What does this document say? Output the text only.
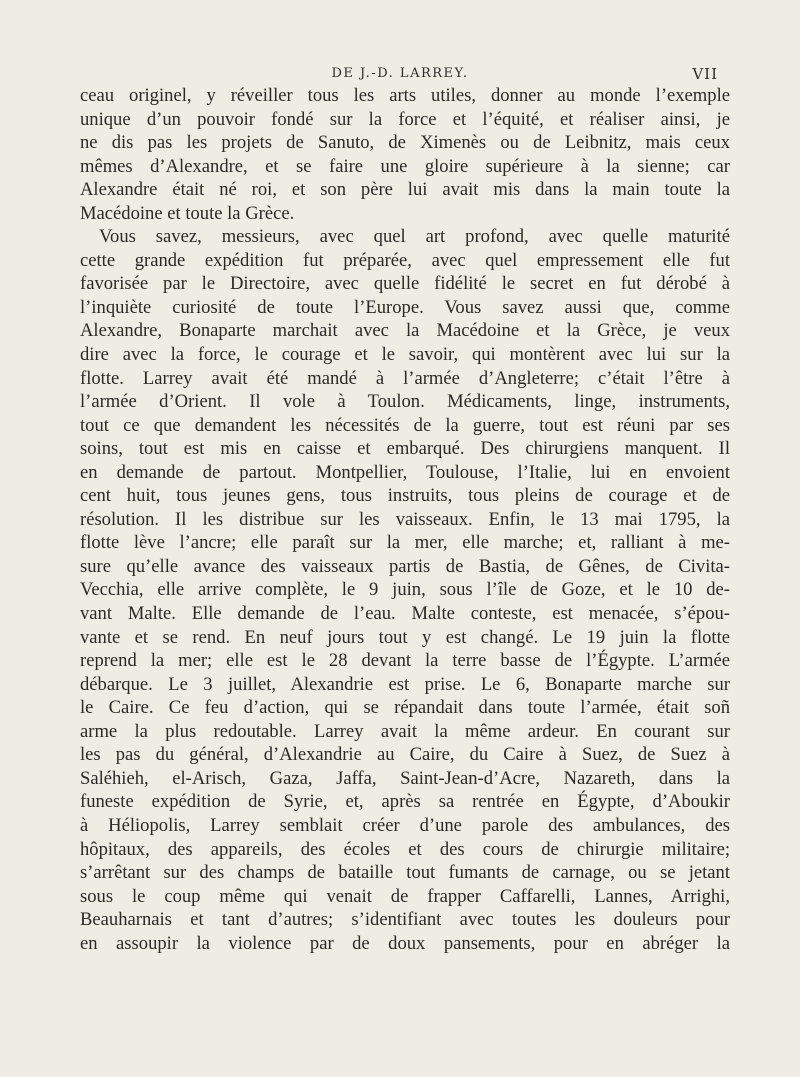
DE J.-D. LARREY.	VII
ceau originel, y réveiller tous les arts utiles, donner au monde l’exemple
unique d’un pouvoir fondé sur la force et l’équité, et réaliser ainsi, je
ne dis pas les projets de Sanuto, de Ximenès ou de Leibnitz, mais ceux
mêmes d’Alexandre, et se faire une gloire supérieure à la sienne; car
Alexandre était né roi, et son père lui avait mis dans la main toute la
Macédoine et toute la Grèce.
Vous savez, messieurs, avec quel art profond, avec quelle maturité
cette grande expédition fut préparée, avec quel empressement elle fut
favorisée par le Directoire, avec quelle fidélité le secret en fut dérobé à
l’inquiète curiosité de toute l’Europe. Vous savez aussi que, comme
Alexandre, Bonaparte marchait avec la Macédoine et la Grèce, je veux
dire avec la force, le courage et le savoir, qui montèrent avec lui sur la
flotte. Larrey avait été mandé à l’armée d’Angleterre; c’était l’être à
l’armée d’Orient. Il vole à Toulon. Médicaments, linge, instruments,
tout ce que demandent les nécessités de la guerre, tout est réuni par ses
soins, tout est mis en caisse et embarqué. Des chirurgiens manquent. Il
en demande de partout. Montpellier, Toulouse, l’Italie, lui en envoient
cent huit, tous jeunes gens, tous instruits, tous pleins de courage et de
résolution. Il les distribue sur les vaisseaux. Enfin, le 13 mai 1795, la
flotte lève l’ancre; elle paraît sur la mer, elle marche; et, ralliant à me-
sure qu’elle avance des vaisseaux partis de Bastia, de Gênes, de Civita-
Vecchia, elle arrive complète, le 9 juin, sous l’île de Goze, et le 10 de-
vant Malte. Elle demande de l’eau. Malte conteste, est menacée, s’épou-
vante et se rend. En neuf jours tout y est changé. Le 19 juin la flotte
reprend la mer; elle est le 28 devant la terre basse de l’Égypte. L’armée
débarque. Le 3 juillet, Alexandrie est prise. Le 6, Bonaparte marche sur
le Caire. Ce feu d’action, qui se répandait dans toute l’armée, était soñ
arme la plus redoutable. Larrey avait la même ardeur. En courant sur
les pas du général, d’Alexandrie au Caire, du Caire à Suez, de Suez à
Saléhieh, el-Arisch, Gaza, Jaffa, Saint-Jean-d’Acre, Nazareth, dans la
funeste expédition de Syrie, et, après sa rentrée en Égypte, d’Aboukir
à Héliopolis, Larrey semblait créer d’une parole des ambulances, des
hôpitaux, des appareils, des écoles et des cours de chirurgie militaire;
s’arrêtant sur des champs de bataille tout fumants de carnage, ou se jetant
sous le coup même qui venait de frapper Caffarelli, Lannes, Arrighi,
Beauharnais et tant d’autres; s’identifiant avec toutes les douleurs pour
en assoupir la violence par de doux pansements, pour en abréger la
